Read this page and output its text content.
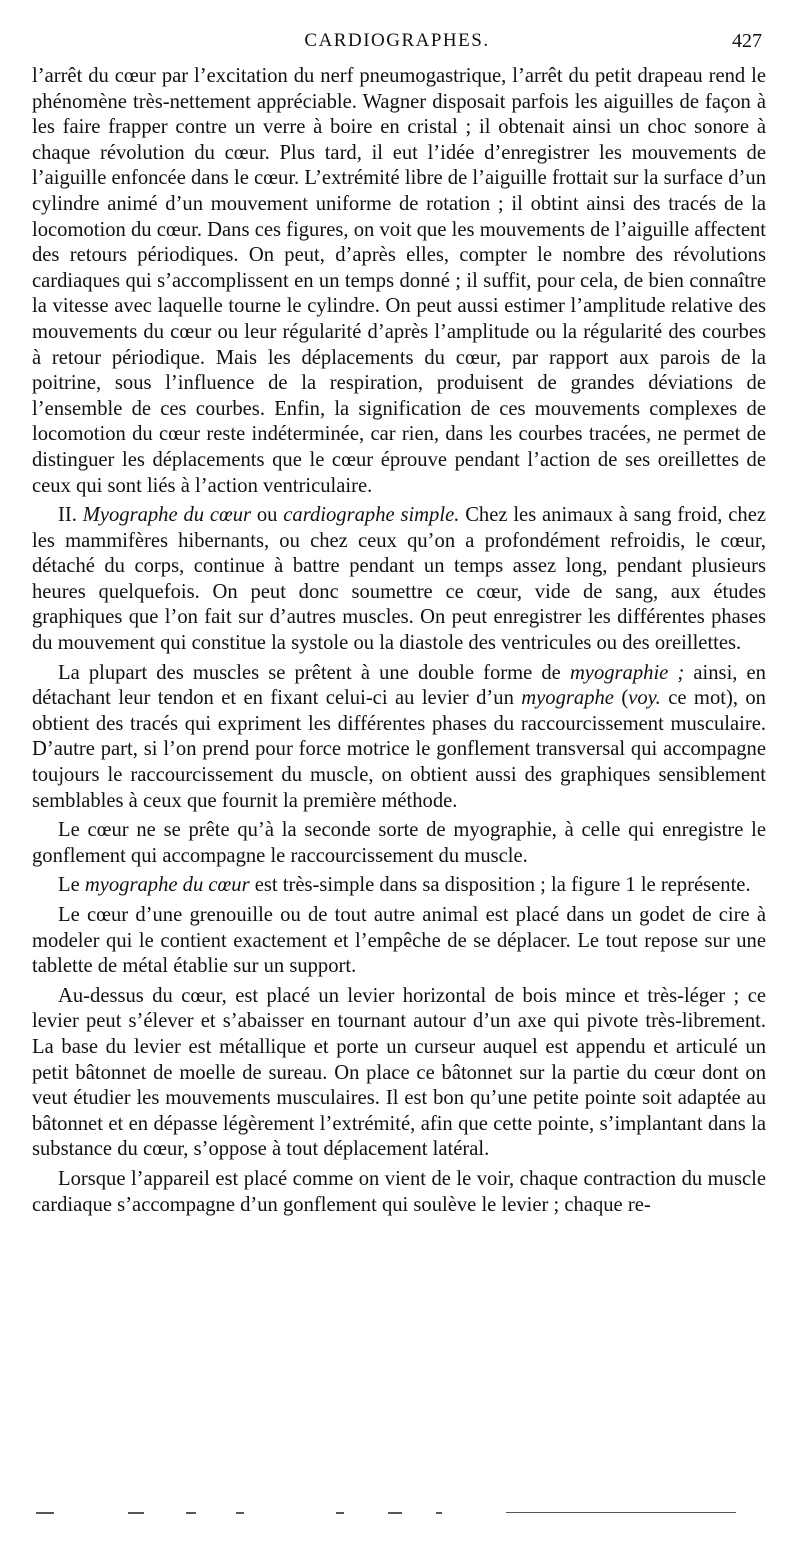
CARDIOGRAPHES.	427

l’arrêt du cœur par l’excitation du nerf pneumogastrique, l’arrêt du petit drapeau rend le phénomène très-nettement appréciable. Wagner disposait parfois les aiguilles de façon à les faire frapper contre un verre à boire en cristal ; il obtenait ainsi un choc sonore à chaque révolution du cœur. Plus tard, il eut l’idée d’enregistrer les mouvements de l’aiguille enfoncée dans le cœur. L’extrémité libre de l’aiguille frottait sur la surface d’un cylindre animé d’un mouvement uniforme de rotation ; il obtint ainsi des tracés de la locomotion du cœur. Dans ces figures, on voit que les mouvements de l’aiguille affectent des retours périodiques. On peut, d’après elles, compter le nombre des révolutions cardiaques qui s’accomplissent en un temps donné ; il suffit, pour cela, de bien connaître la vitesse avec laquelle tourne le cylindre. On peut aussi estimer l’amplitude relative des mouvements du cœur ou leur régularité d’après l’amplitude ou la régularité des courbes à retour périodique. Mais les déplacements du cœur, par rapport aux parois de la poitrine, sous l’influence de la respiration, produisent de grandes déviations de l’ensemble de ces courbes. Enfin, la signification de ces mouvements complexes de locomotion du cœur reste indéterminée, car rien, dans les courbes tracées, ne permet de distinguer les déplacements que le cœur éprouve pendant l’action de ses oreillettes de ceux qui sont liés à l’action ventriculaire.

II. Myographe du cœur ou cardiographe simple. Chez les animaux à sang froid, chez les mammifères hibernants, ou chez ceux qu’on a profondément refroidis, le cœur, détaché du corps, continue à battre pendant un temps assez long, pendant plusieurs heures quelquefois. On peut donc soumettre ce cœur, vide de sang, aux études graphiques que l’on fait sur d’autres muscles. On peut enregistrer les différentes phases du mouvement qui constitue la systole ou la diastole des ventricules ou des oreillettes.

La plupart des muscles se prêtent à une double forme de myographie ; ainsi, en détachant leur tendon et en fixant celui-ci au levier d’un myographe (voy. ce mot), on obtient des tracés qui expriment les différentes phases du raccourcissement musculaire. D’autre part, si l’on prend pour force motrice le gonflement transversal qui accompagne toujours le raccourcissement du muscle, on obtient aussi des graphiques sensiblement semblables à ceux que fournit la première méthode.

Le cœur ne se prête qu’à la seconde sorte de myographie, à celle qui enregistre le gonflement qui accompagne le raccourcissement du muscle.

Le myographe du cœur est très-simple dans sa disposition ; la figure 1 le représente.

Le cœur d’une grenouille ou de tout autre animal est placé dans un godet de cire à modeler qui le contient exactement et l’empêche de se déplacer. Le tout repose sur une tablette de métal établie sur un support.

Au-dessus du cœur, est placé un levier horizontal de bois mince et très-léger ; ce levier peut s’élever et s’abaisser en tournant autour d’un axe qui pivote très-librement. La base du levier est métallique et porte un curseur auquel est appendu et articulé un petit bâtonnet de moelle de sureau. On place ce bâtonnet sur la partie du cœur dont on veut étudier les mouvements musculaires. Il est bon qu’une petite pointe soit adaptée au bâtonnet et en dépasse légèrement l’extrémité, afin que cette pointe, s’implantant dans la substance du cœur, s’oppose à tout déplacement latéral.

Lorsque l’appareil est placé comme on vient de le voir, chaque contraction du muscle cardiaque s’accompagne d’un gonflement qui soulève le levier ; chaque re-
